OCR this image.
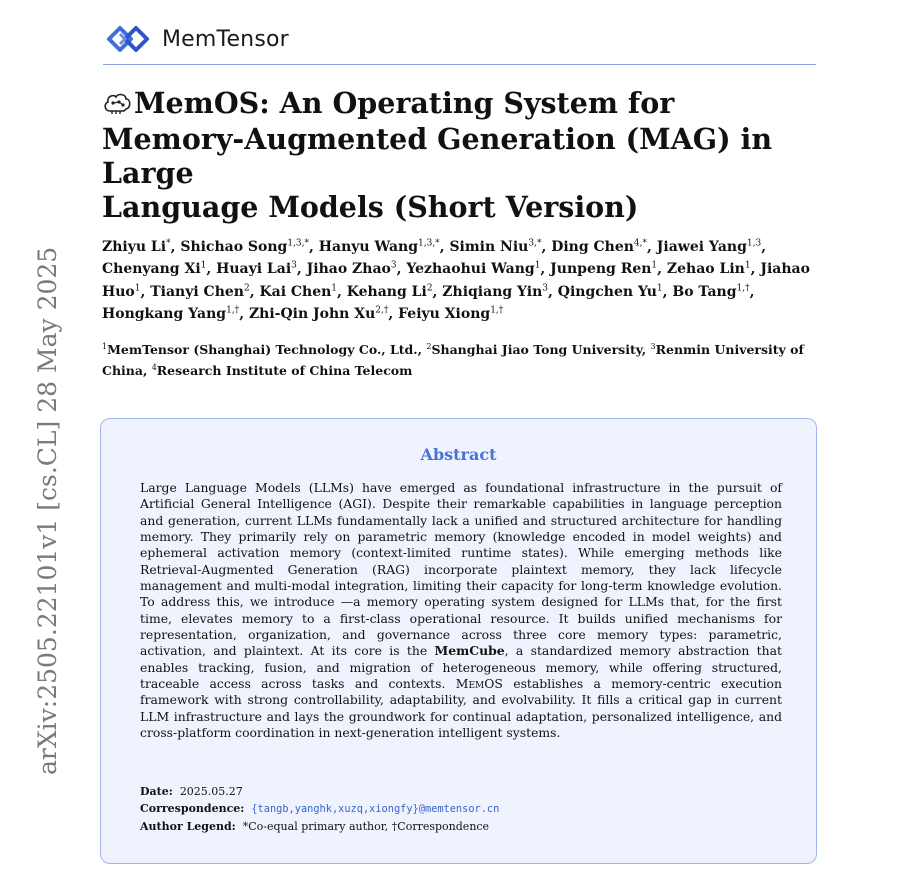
MemTensor
arXiv:2505.22101v1 [cs.CL] 28 May 2025
MemOS: An Operating System for
Memory-Augmented Generation (MAG) in Large
Language Models (Short Version)
Zhiyu Li*, Shichao Song$^{1,3,*}$, Hanyu Wang$^{1,3,*}$, Simin Niu$^{3,*}$, Ding Chen$^{4,*}$, Jiawei Yang$^{1,3}$, Chenyang Xi$^1$, Huayi Lai$^3$, Jihao Zhao$^3$, Yezhaohui Wang$^1$, Junpeng Ren$^1$, Zehao Lin$^1$, Jiahao Huo$^1$, Tianyi Chen$^2$, Kai Chen$^1$, Kehang Li$^2$, Zhiqiang Yin$^3$, Qingchen Yu$^1$, Bo Tang$^{1,\dagger}$, Hongkang Yang$^{1,\dagger}$, Zhi-Qin John $Xu^{2,\dagger}$, Feiyu Xiong$^{1,\dagger}$
$^1$MemTensor (Shanghai) Technology Co., Ltd., $^2$Shanghai Jiao Tong University, $^3$Renmin University of China, $^4$Research Institute of China Telecom
Abstract
Large Language Models (LLMs) have emerged as foundational infrastructure in the pursuit of Artificial General Intelligence (AGI). Despite their remarkable capabilities in language perception and generation, current LLMs fundamentally lack a unified and structured architecture for handling memory. They primarily rely on parametric memory (knowledge encoded in model weights) and ephemeral activation memory (context-limited runtime states). While emerging methods like Retrieval-Augmented Generation (RAG) incorporate plaintext memory, they lack lifecycle management and multi-modal integration, limiting their capacity for long-term knowledge evolution. To address this, we introduce —a memory operating system designed for LLMs that, for the first time, elevates memory to a first-class operational resource. It builds unified mechanisms for representation, organization, and governance across three core memory types: parametric, activation, and plaintext. At its core is the MemCube, a standardized memory abstraction that enables tracking, fusion, and migration of heterogeneous memory, while offering structured, traceable access across tasks and contexts. MemOS establishes a memory-centric execution framework with strong controllability, adaptability, and evolvability. It fills a critical gap in current LLM infrastructure and lays the groundwork for continual adaptation, personalized intelligence, and cross-platform coordination in next-generation intelligent systems.
Date: 2025.05.27
Correspondence: {tangb,yanghk,xuzq,xiongfy}@memtensor.cn
Author Legend: *Co-equal primary author, †Correspondence
